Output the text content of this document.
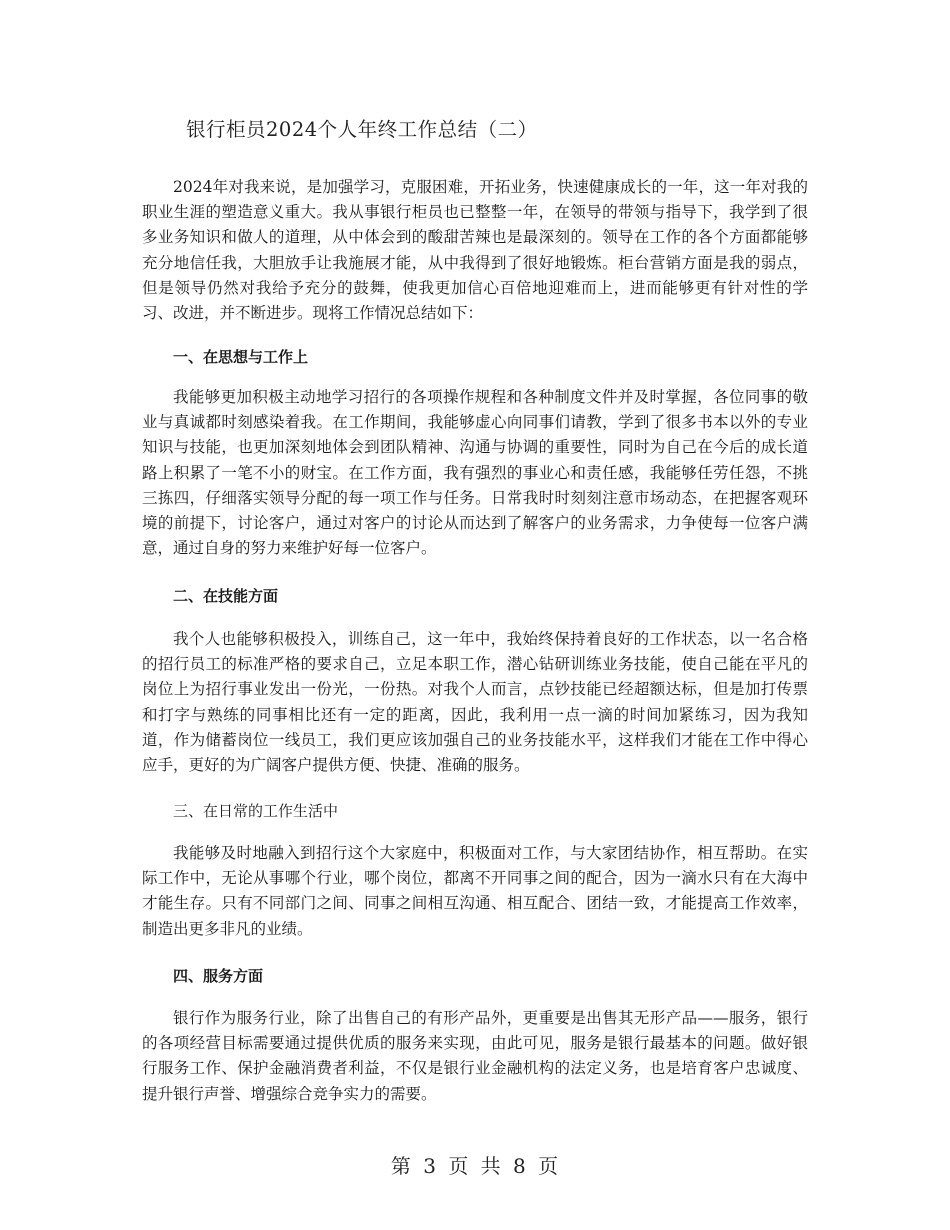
银行柜员2024个人年终工作总结（二）

2024年对我来说，是加强学习，克服困难，开拓业务，快速健康成长的一年，这一年对我的职业生涯的塑造意义重大。我从事银行柜员也已整整一年，在领导的带领与指导下，我学到了很多业务知识和做人的道理，从中体会到的酸甜苦辣也是最深刻的。领导在工作的各个方面都能够充分地信任我，大胆放手让我施展才能，从中我得到了很好地锻炼。柜台营销方面是我的弱点，但是领导仍然对我给予充分的鼓舞，使我更加信心百倍地迎难而上，进而能够更有针对性的学习、改进，并不断进步。现将工作情况总结如下：

一、在思想与工作上

我能够更加积极主动地学习招行的各项操作规程和各种制度文件并及时掌握，各位同事的敬业与真诚都时刻感染着我。在工作期间，我能够虚心向同事们请教，学到了很多书本以外的专业知识与技能，也更加深刻地体会到团队精神、沟通与协调的重要性，同时为自己在今后的成长道路上积累了一笔不小的财宝。在工作方面，我有强烈的事业心和责任感，我能够任劳任怨，不挑三拣四，仔细落实领导分配的每一项工作与任务。日常我时时刻刻注意市场动态，在把握客观环境的前提下，讨论客户，通过对客户的讨论从而达到了解客户的业务需求，力争使每一位客户满意，通过自身的努力来维护好每一位客户。

二、在技能方面

我个人也能够积极投入，训练自己，这一年中，我始终保持着良好的工作状态，以一名合格的招行员工的标准严格的要求自己，立足本职工作，潜心钻研训练业务技能，使自己能在平凡的岗位上为招行事业发出一份光，一份热。对我个人而言，点钞技能已经超额达标，但是加打传票和打字与熟练的同事相比还有一定的距离，因此，我利用一点一滴的时间加紧练习，因为我知道，作为储蓄岗位一线员工，我们更应该加强自己的业务技能水平，这样我们才能在工作中得心应手，更好的为广阔客户提供方便、快捷、准确的服务。

三、在日常的工作生活中

我能够及时地融入到招行这个大家庭中，积极面对工作，与大家团结协作，相互帮助。在实际工作中，无论从事哪个行业，哪个岗位，都离不开同事之间的配合，因为一滴水只有在大海中才能生存。只有不同部门之间、同事之间相互沟通、相互配合、团结一致，才能提高工作效率，制造出更多非凡的业绩。

四、服务方面

银行作为服务行业，除了出售自己的有形产品外，更重要是出售其无形产品——服务，银行的各项经营目标需要通过提供优质的服务来实现，由此可见，服务是银行最基本的问题。做好银行服务工作、保护金融消费者利益，不仅是银行业金融机构的法定义务，也是培育客户忠诚度、提升银行声誉、增强综合竞争实力的需要。

第 3 页 共 8 页
